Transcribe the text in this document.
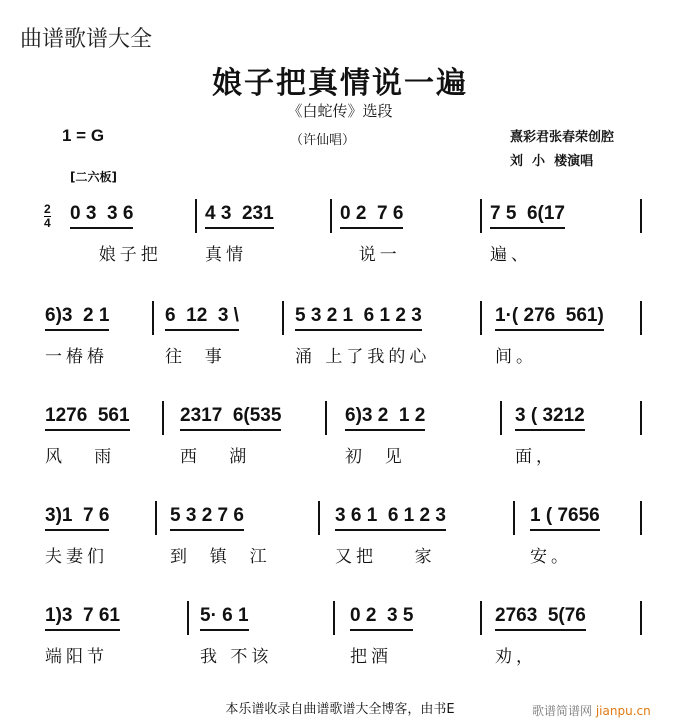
曲谱歌谱大全
娘子把真情说一遍
《白蛇传》选段
1 = G	（许仙唱）	熹彩君张春荣创腔
刘  小  楼演唱
[二六板]
2
4 0 3  3 6
娘子把
4 3  231
真情
0 2  7 6
说一
7 5  6(17
遍、
6)3  2 1
一椿椿
6  12  3 \
往  事
5 3 2 1  6 1 2 3
涌 上了我的心
1·( 276  561)
间。
1276  561
风   雨
2317  6(535
西   湖
6)3 2  1 2
初  见
3 ( 3212
面，
3)1  7 6
夫妻们
5 3 2 7 6
到  镇  江
3 6 1  6 1 2 3
又把    家
1 ( 7656
安。
1)3  7 61
端阳节
5· 6 1
我 不该
0 2  3 5
把酒
2763  5(76
劝，
本乐谱收录自曲谱歌谱大全博客，由书E	歌谱简谱网 jianpu.cn
